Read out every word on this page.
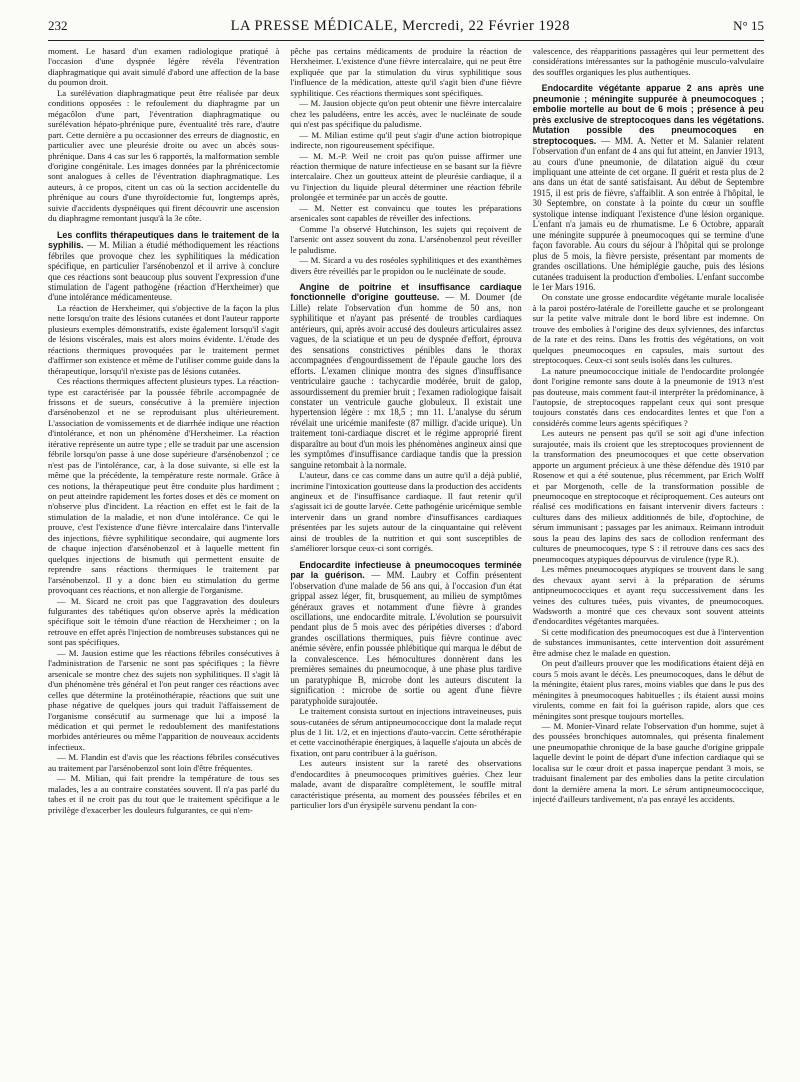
232	LA PRESSE MÉDICALE, Mercredi, 22 Février 1928	N° 15

moment. Le hasard d'un examen radiologique pratiqué à l'occasion d'une dyspnée légère révéla l'éventration diaphragmatique qui avait simulé d'abord une affection de la base du poumon droit.

La surélévation diaphragmatique peut être réalisée par deux conditions opposées : le refoulement du diaphragme par un mégacôlon d'une part, l'éventration diaphragmatique ou surélévation hépato-phrénique pure, éventualité très rare, d'autre part. Cette dernière a pu occasionner des erreurs de diagnostic, en particulier avec une pleurésie droite ou avec un abcès sous-phrénique. Dans 4 cas sur les 6 rapportés, la malformation semble d'origine congénitale. Les images données par la phrénicectomie sont analogues à celles de l'éventration diaphragmatique. Les auteurs, à ce propos, citent un cas où la section accidentelle du phrénique au cours d'une thyroïdectomie fut, longtemps après, suivie d'accidents dyspnéiques qui firent découvrir une ascension du diaphragme remontant jusqu'à la 3e côte.

Les conflits thérapeutiques dans le traitement de la syphilis. — M. Milian a étudié méthodiquement les réactions fébriles que provoque chez les syphilitiques la médication spécifique, en particulier l'arsénobenzol et il arrive à conclure que ces réactions sont beaucoup plus souvent l'expression d'une stimulation de l'agent pathogène (réaction d'Herxheimer) que d'une intolérance médicamenteuse.

La réaction de Herxheimer, qui s'objective de la façon la plus nette lorsqu'on traite des lésions cutanées et dont l'auteur rapporte plusieurs exemples démonstratifs, existe également lorsqu'il s'agit de lésions viscérales, mais est alors moins évidente. L'étude des réactions thermiques provoquées par le traitement permet d'affirmer son existence et même de l'utiliser comme guide dans la thérapeutique, lorsqu'il n'existe pas de lésions cutanées.

Ces réactions thermiques affectent plusieurs types. La réaction-type est caractérisée par la poussée fébrile accompagnée de frissons et de sueurs, consécutive à la première injection d'arsénobenzol et ne se reproduisant plus ultérieurement. L'association de vomissements et de diarrhée indique une réaction d'intolérance, et non un phénomène d'Herxheimer. La réaction itérative représente un autre type ; elle se traduit par une ascension fébrile lorsqu'on passe à une dose supérieure d'arsénobenzol ; ce n'est pas de l'intolérance, car, à la dose suivante, si elle est la même que la précédente, la température reste normale. Grâce à ces notions, la thérapeutique peut être conduite plus hardiment ; on peut atteindre rapidement les fortes doses et dès ce moment on n'observe plus d'incident. La réaction en effet est le fait de la stimulation de la maladie, et non d'une intolérance. Ce qui le prouve, c'est l'existence d'une fièvre intercalaire dans l'intervalle des injections, fièvre syphilitique secondaire, qui augmente lors de chaque injection d'arsénobenzol et à laquelle mettent fin quelques injections de bismuth qui permettent ensuite de reprendre sans réactions thermiques le traitement par l'arsénobenzol. Il y a donc bien eu stimulation du germe provoquant ces réactions, et non allergie de l'organisme.

— M. Sicard ne croit pas que l'aggravation des douleurs fulgurantes des tabétiques qu'on observe après la médication spécifique soit le témoin d'une réaction de Herxheimer ; on la retrouve en effet après l'injection de nombreuses substances qui ne sont pas spécifiques.

— M. Jausion estime que les réactions fébriles consécutives à l'administration de l'arsenic ne sont pas spécifiques ; la fièvre arsenicale se montre chez des sujets non syphilitiques. Il s'agit là d'un phénomène très général et l'on peut ranger ces réactions avec celles que détermine la protéinothérapie, réactions que suit une phase négative de quelques jours qui traduit l'affaissement de l'organisme consécutif au surmenage que lui a imposé la médication et qui permet le redoublement des manifestations morbides antérieures ou même l'apparition de nouveaux accidents infectieux.

— M. Flandin est d'avis que les réactions fébriles consécutives au traitement par l'arsénobenzol sont loin d'être fréquentes.

— M. Milian, qui fait prendre la température de tous ses malades, les a au contraire constatées souvent. Il n'a pas parlé du tabes et il ne croit pas du tout que le traitement spécifique a le privilège d'exacerber les douleurs fulgurantes, ce qui n'em-

pêche pas certains médicaments de produire la réaction de Herxheimer. L'existence d'une fièvre intercalaire, qui ne peut être expliquée que par la stimulation du virus syphilitique sous l'influence de la médication, atteste qu'il s'agit bien d'une fièvre syphilitique. Ces réactions thermiques sont spécifiques.

— M. Jausion objecte qu'on peut obtenir une fièvre intercalaire chez les paludéens, entre les accès, avec le nucléinate de soude qui n'est pas spécifique du paludisme.

— M. Milian estime qu'il peut s'agir d'une action biotropique indirecte, non rigoureusement spécifique.

— M. M.-P. Weil ne croit pas qu'on puisse affirmer une réaction thermique de nature infectieuse en se basant sur la fièvre intercalaire. Chez un goutteux atteint de pleurésie cardiaque, il a vu l'injection du liquide pleural déterminer une réaction fébrile prolongée et terminée par un accès de goutte.

— M. Netter est convaincu que toutes les préparations arsenicales sont capables de réveiller des infections.

Comme l'a observé Hutchinson, les sujets qui reçoivent de l'arsenic ont assez souvent du zona. L'arsénobenzol peut réveiller le paludisme.

— M. Sicard a vu des roséoles syphilitiques et des exanthèmes divers être réveillés par le propidon ou le nucléinate de soude.

Angine de poitrine et insuffisance cardiaque fonctionnelle d'origine goutteuse. — M. Doumer (de Lille) relate l'observation d'un homme de 50 ans, non syphilitique et n'ayant pas présenté de troubles cardiaques antérieurs, qui, après avoir accusé des douleurs articulaires assez vagues, de la sciatique et un peu de dyspnée d'effort, éprouva des sensations constrictives pénibles dans le thorax accompagnées d'engourdissement de l'épaule gauche lors des efforts. L'examen clinique montra des signes d'insuffisance ventriculaire gauche : tachycardie modérée, bruit de galop, assourdissement du premier bruit ; l'examen radiologique faisait constater un ventricule gauche globuleux. Il existait une hypertension légère : mx 18,5 ; mn 11. L'analyse du sérum révélait une uricémie manifeste (87 milligr. d'acide urique). Un traitement toni-cardiaque discret et le régime approprié firent disparaître au bout d'un mois les phénomènes angineux ainsi que les symptômes d'insuffisance cardiaque tandis que la pression sanguine retombait à la normale.

L'auteur, dans ce cas comme dans un autre qu'il a déjà publié, incrimine l'intoxication goutteuse dans la production des accidents angineux et de l'insuffisance cardiaque. Il faut retenir qu'il s'agissait ici de goutte larvée. Cette pathogénie uricémique semble intervenir dans un grand nombre d'insuffisances cardiaques présentées par les sujets autour de la cinquantaine qui relèvent ainsi de troubles de la nutrition et qui sont susceptibles de s'améliorer lorsque ceux-ci sont corrigés.

Endocardite infectieuse à pneumocoques terminée par la guérison. — MM. Laubry et Coffin présentent l'observation d'une malade de 56 ans qui, à l'occasion d'un état grippal assez léger, fit, brusquement, au milieu de symptômes généraux graves et notamment d'une fièvre à grandes oscillations, une endocardite mitrale. L'évolution se poursuivit pendant plus de 5 mois avec des péripéties diverses : d'abord grandes oscillations thermiques, puis fièvre continue avec anémie sévère, enfin poussée phlébitique qui marqua le début de la convalescence. Les hémocultures donnèrent dans les premières semaines du pneumocoque, à une phase plus tardive un paratyphique B, microbe dont les auteurs discutent la signification : microbe de sortie ou agent d'une fièvre paratyphoïde surajoutée.

Le traitement consista surtout en injections intraveineuses, puis sous-cutanées de sérum antipneumococcique dont la malade reçut plus de 1 lit. 1/2, et en injections d'auto-vaccin. Cette sérothérapie et cette vaccinothérapie énergiques, à laquelle s'ajouta un abcès de fixation, ont paru contribuer à la guérison.

Les auteurs insistent sur la rareté des observations d'endocardites à pneumocoques primitives guéries. Chez leur malade, avant de disparaître complètement, le souffle mitral caractéristique présenta, au moment des poussées fébriles et en particulier lors d'un érysipèle survenu pendant la con-

valescence, des réapparitions passagères qui leur permettent des considérations intéressantes sur la pathogénie musculo-valvulaire des souffles organiques les plus authentiques.

Endocardite végétante apparue 2 ans après une pneumonie ; méningite suppurée à pneumocoques ; embolie mortelle au bout de 6 mois ; présence à peu près exclusive de streptocoques dans les végétations. Mutation possible des pneumocoques en streptocoques. — MM. A. Netter et M. Salanier relatent l'observation d'un enfant de 4 ans qui fut atteint, en Janvier 1913, au cours d'une pneumonie, de dilatation aiguë du cœur impliquant une atteinte de cet organe. Il guérit et resta plus de 2 ans dans un état de santé satisfaisant. Au début de Septembre 1915, il est pris de fièvre, s'affaiblit. A son entrée à l'hôpital, le 30 Septembre, on constate à la pointe du cœur un souffle systolique intense indiquant l'existence d'une lésion organique. L'enfant n'a jamais eu de rhumatisme. Le 6 Octobre, apparaît une méningite suppurée à pneumocoques qui se termine d'une façon favorable. Au cours du séjour à l'hôpital qui se prolonge plus de 5 mois, la fièvre persiste, présentant par moments de grandes oscillations. Une hémiplégie gauche, puis des lésions cutanées traduisent la production d'embolies. L'enfant succombe le 1er Mars 1916.

On constate une grosse endocardite végétante murale localisée à la paroi postéro-latérale de l'oreillette gauche et se prolongeant sur la petite valve mitrale dont le bord libre est indemne. On trouve des embolies à l'origine des deux sylviennes, des infarctus de la rate et des reins. Dans les frottis des végétations, on voit quelques pneumocoques en capsules, mais surtout des streptocoques. Ceux-ci sont seuls isolés dans les cultures.

La nature pneumococcique initiale de l'endocardite prolongée dont l'origine remonte sans doute à la pneumonie de 1913 n'est pas douteuse, mais comment faut-il interpréter la prédominance, à l'autopsie, de streptocoques rappelant ceux qui sont presque toujours constatés dans ces endocardites lentes et que l'on a considérés comme leurs agents spécifiques ?

Les auteurs ne pensent pas qu'il se soit agi d'une infection surajoutée, mais ils croient que les streptocoques proviennent de la transformation des pneumocoques et que cette observation apporte un argument précieux à une thèse défendue dès 1910 par Rosenow et qui a été soutenue, plus récemment, par Erich Wolff et par Morgenoth, celle de la transformation possible de pneumocoque en streptocoque et réciproquement. Ces auteurs ont réalisé ces modifications en faisant intervenir divers facteurs : cultures dans des milieux additionnés de bile, d'optochine, de sérum immunisant ; passages par les animaux. Reimann introduit sous la peau des lapins des sacs de collodion renfermant des cultures de pneumocoques, type S : il retrouve dans ces sacs des pneumocoques atypiques dépourvus de virulence (type R.).

Les mêmes pneumocoques atypiques se trouvent dans le sang des chevaux ayant servi à la préparation de sérums antipneumococciques et ayant reçu successivement dans les veines des cultures tuées, puis vivantes, de pneumocoques. Wadsworth a montré que ces chevaux sont souvent atteints d'endocardites végétantes marquées.

Si cette modification des pneumocoques est due à l'intervention de substances immunisantes, cette intervention doit assurément être admise chez le malade en question.

On peut d'ailleurs prouver que les modifications étaient déjà en cours 5 mois avant le décès. Les pneumocoques, dans le début de la méningite, étaient plus rares, moins viables que dans le pus des méningites à pneumocoques habituelles ; ils étaient aussi moins virulents, comme en fait foi la guérison rapide, alors que ces méningites sont presque toujours mortelles.

— M. Monier-Vinard relate l'observation d'un homme, sujet à des poussées bronchiques automnales, qui présenta finalement une pneumopathie chronique de la base gauche d'origine grippale laquelle devint le point de départ d'une infection cardiaque qui se localisa sur le cœur droit et passa inaperçue pendant 3 mois, se traduisant finalement par des embolies dans la petite circulation dont la dernière amena la mort. Le sérum antipneumococcique, injecté d'ailleurs tardivement, n'a pas enrayé les accidents.
